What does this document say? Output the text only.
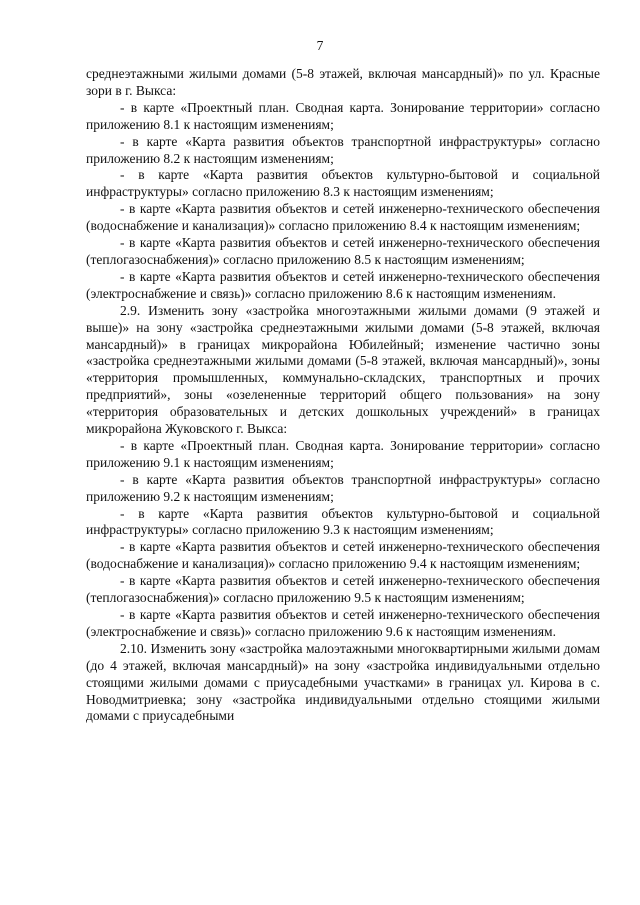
7

среднеэтажными жилыми домами (5-8 этажей, включая мансардный)» по ул. Красные зори в г. Выкса:

- в карте «Проектный план. Сводная карта. Зонирование территории» согласно приложению 8.1 к настоящим изменениям;

- в карте «Карта развития объектов транспортной инфраструктуры» согласно приложению 8.2 к настоящим изменениям;

- в карте «Карта развития объектов культурно-бытовой и социальной инфраструктуры» согласно приложению 8.3 к настоящим изменениям;

- в карте «Карта развития объектов и сетей инженерно-технического обеспечения (водоснабжение и канализация)» согласно приложению 8.4 к настоящим изменениям;

- в карте «Карта развития объектов и сетей инженерно-технического обеспечения (теплогазоснабжения)» согласно приложению 8.5 к настоящим изменениям;

- в карте «Карта развития объектов и сетей инженерно-технического обеспечения (электроснабжение и связь)» согласно приложению 8.6 к настоящим изменениям.

2.9. Изменить зону «застройка многоэтажными жилыми домами (9 этажей и выше)» на зону «застройка среднеэтажными жилыми домами (5-8 этажей, включая мансардный)» в границах микрорайона Юбилейный; изменение частично зоны «застройка среднеэтажными жилыми домами (5-8 этажей, включая мансардный)», зоны «территория промышленных, коммунально-складских, транспортных и прочих предприятий», зоны «озелененные территорий общего пользования» на зону «территория образовательных и детских дошкольных учреждений» в границах микрорайона Жуковского г. Выкса:

- в карте «Проектный план. Сводная карта. Зонирование территории» согласно приложению 9.1 к настоящим изменениям;

- в карте «Карта развития объектов транспортной инфраструктуры» согласно приложению 9.2 к настоящим изменениям;

- в карте «Карта развития объектов культурно-бытовой и социальной инфраструктуры» согласно приложению 9.3 к настоящим изменениям;

- в карте «Карта развития объектов и сетей инженерно-технического обеспечения (водоснабжение и канализация)» согласно приложению 9.4 к настоящим изменениям;

- в карте «Карта развития объектов и сетей инженерно-технического обеспечения (теплогазоснабжения)» согласно приложению 9.5 к настоящим изменениям;

- в карте «Карта развития объектов и сетей инженерно-технического обеспечения (электроснабжение и связь)» согласно приложению 9.6 к настоящим изменениям.

2.10. Изменить зону «застройка малоэтажными многоквартирными жилыми домам (до 4 этажей, включая мансардный)» на зону «застройка индивидуальными отдельно стоящими жилыми домами с приусадебными участками» в границах ул. Кирова в с. Новодмитриевка; зону «застройка индивидуальными отдельно стоящими жилыми домами с приусадебными
